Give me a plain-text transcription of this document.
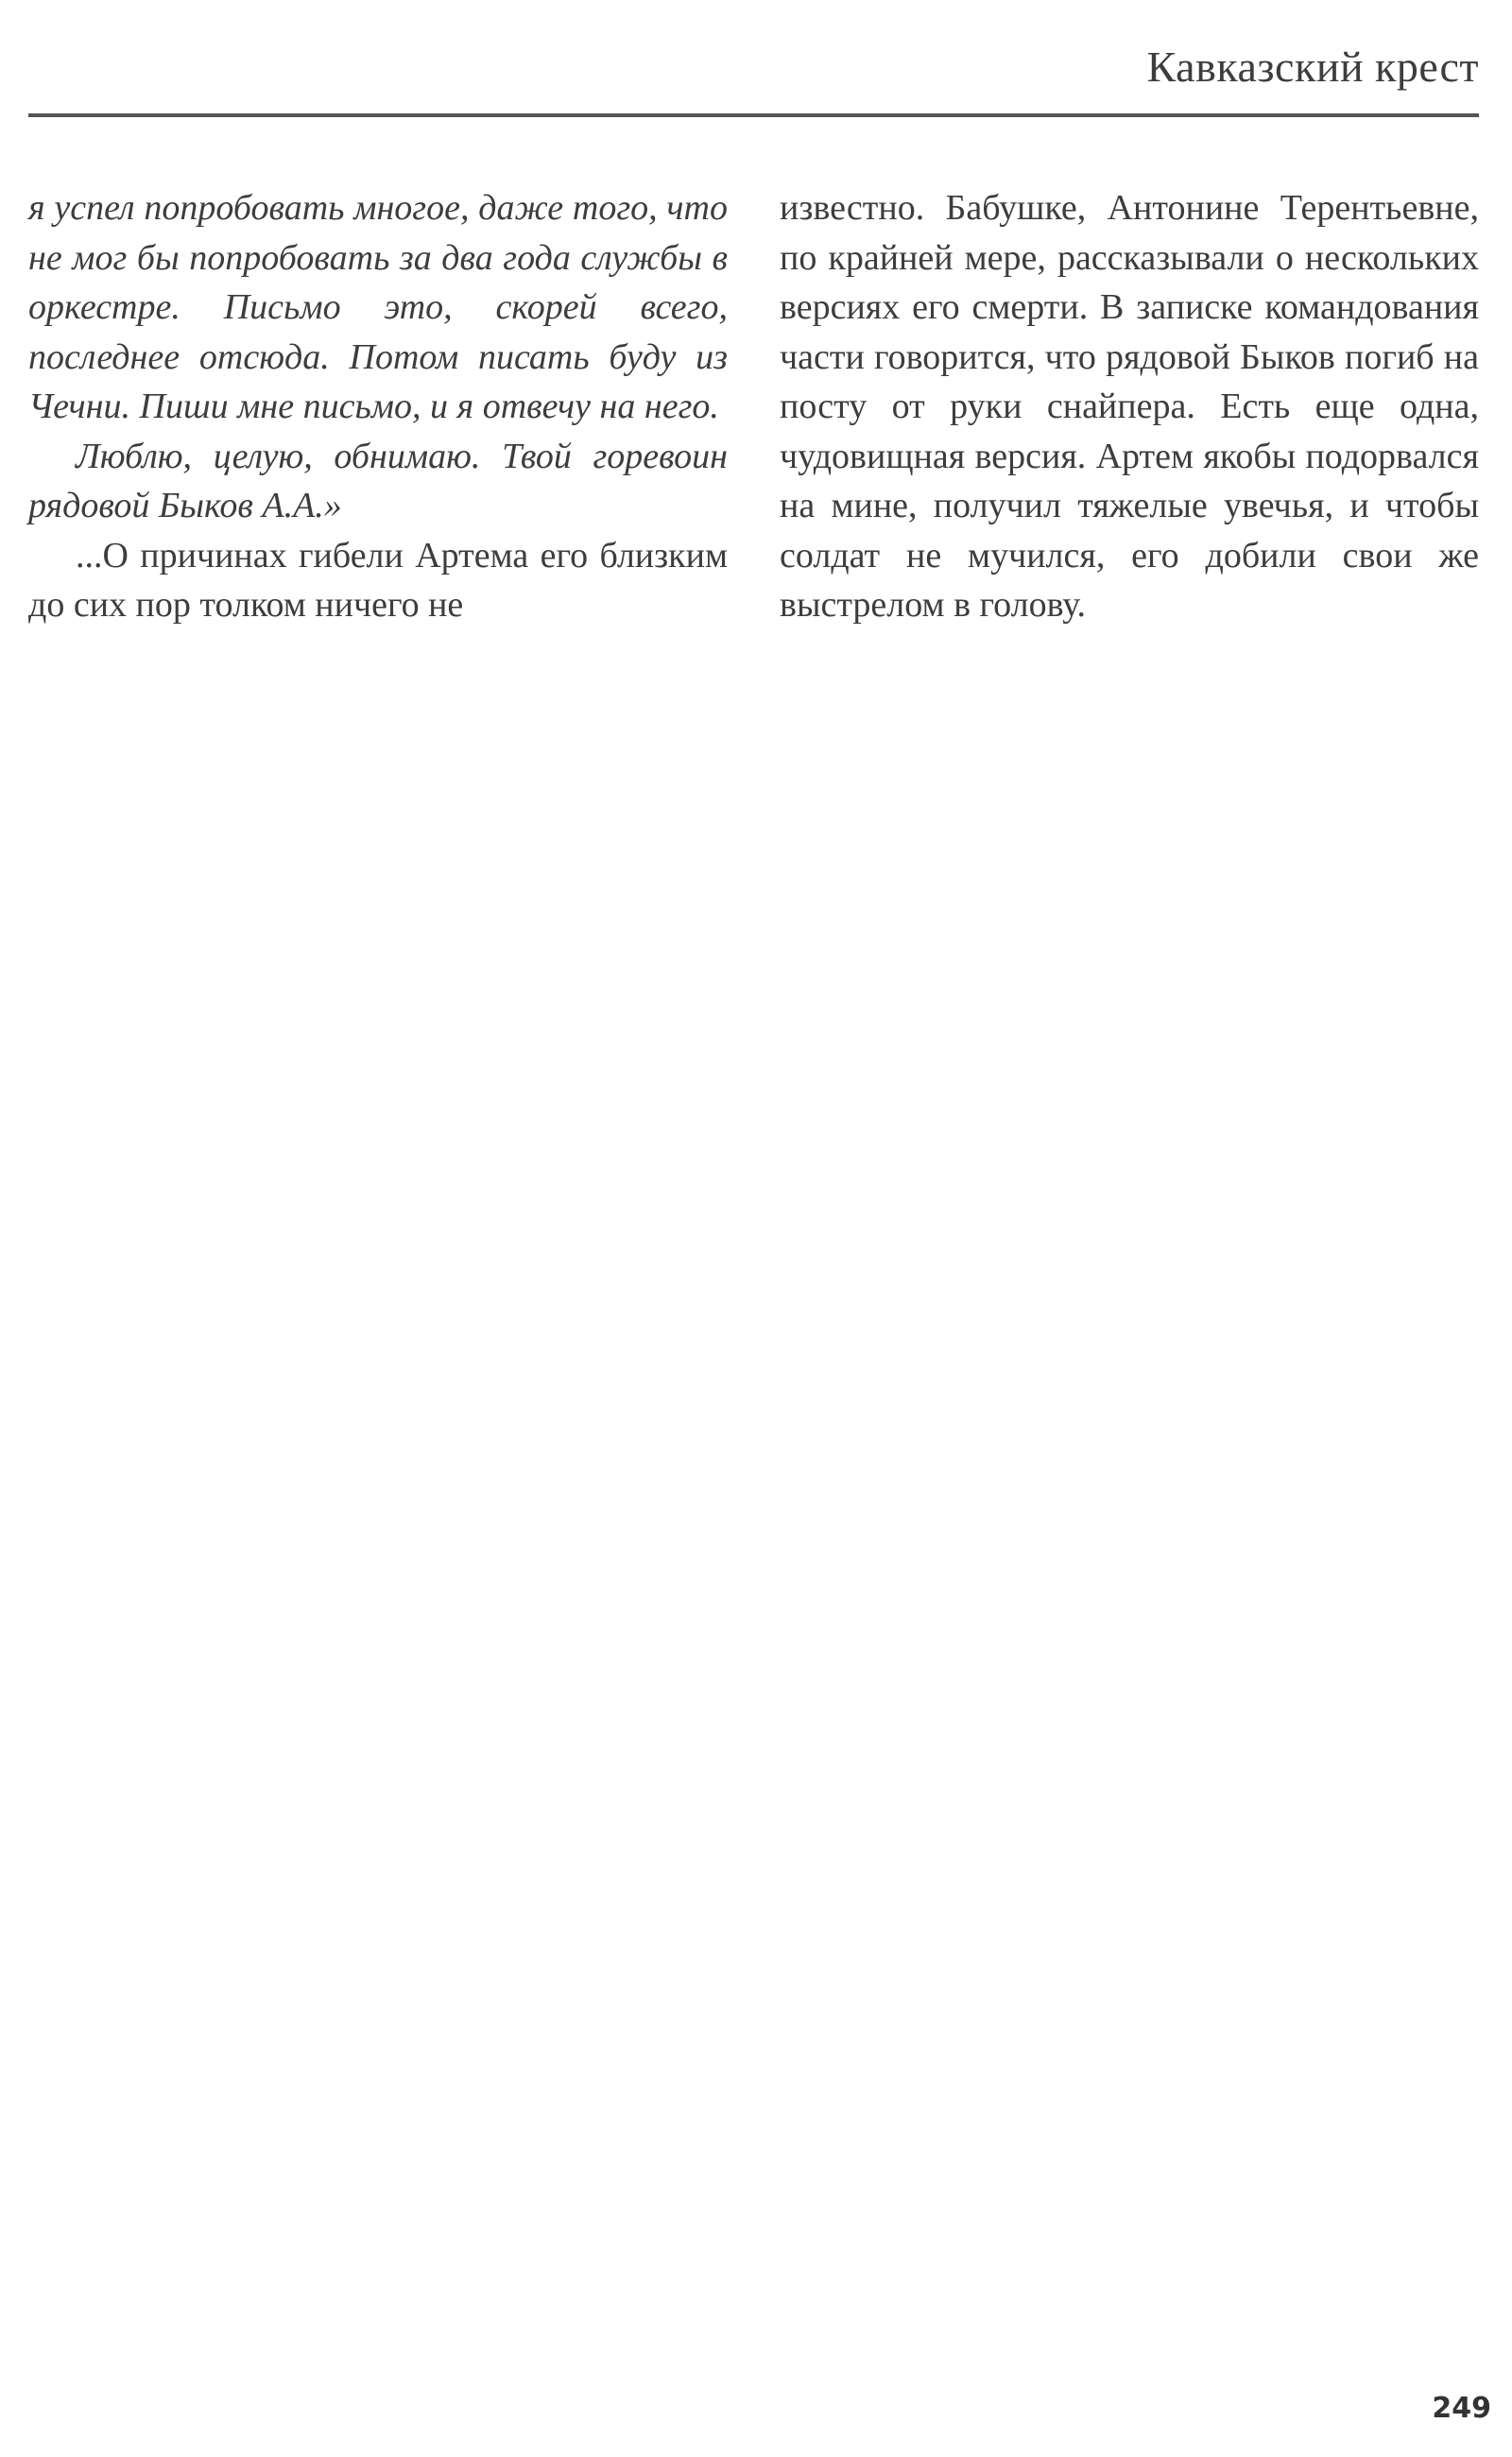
Кавказский крест

я успел попробовать многое, даже того, что не мог бы попробовать за два года службы в оркестре. Письмо это, скорей всего, последнее отсюда. Потом писать буду из Чечни. Пиши мне письмо, и я отвечу на него.

Люблю, целую, обнимаю. Твой горевоин рядовой Быков А.А.»

...О причинах гибели Артема его близким до сих пор толком ничего не

известно. Бабушке, Антонине Терентьевне, по крайней мере, рассказывали о нескольких версиях его смерти. В записке командования части говорится, что рядовой Быков погиб на посту от руки снайпера. Есть еще одна, чудовищная версия. Артем якобы подорвался на мине, получил тяжелые увечья, и чтобы солдат не мучился, его добили свои же выстрелом в голову.

249
